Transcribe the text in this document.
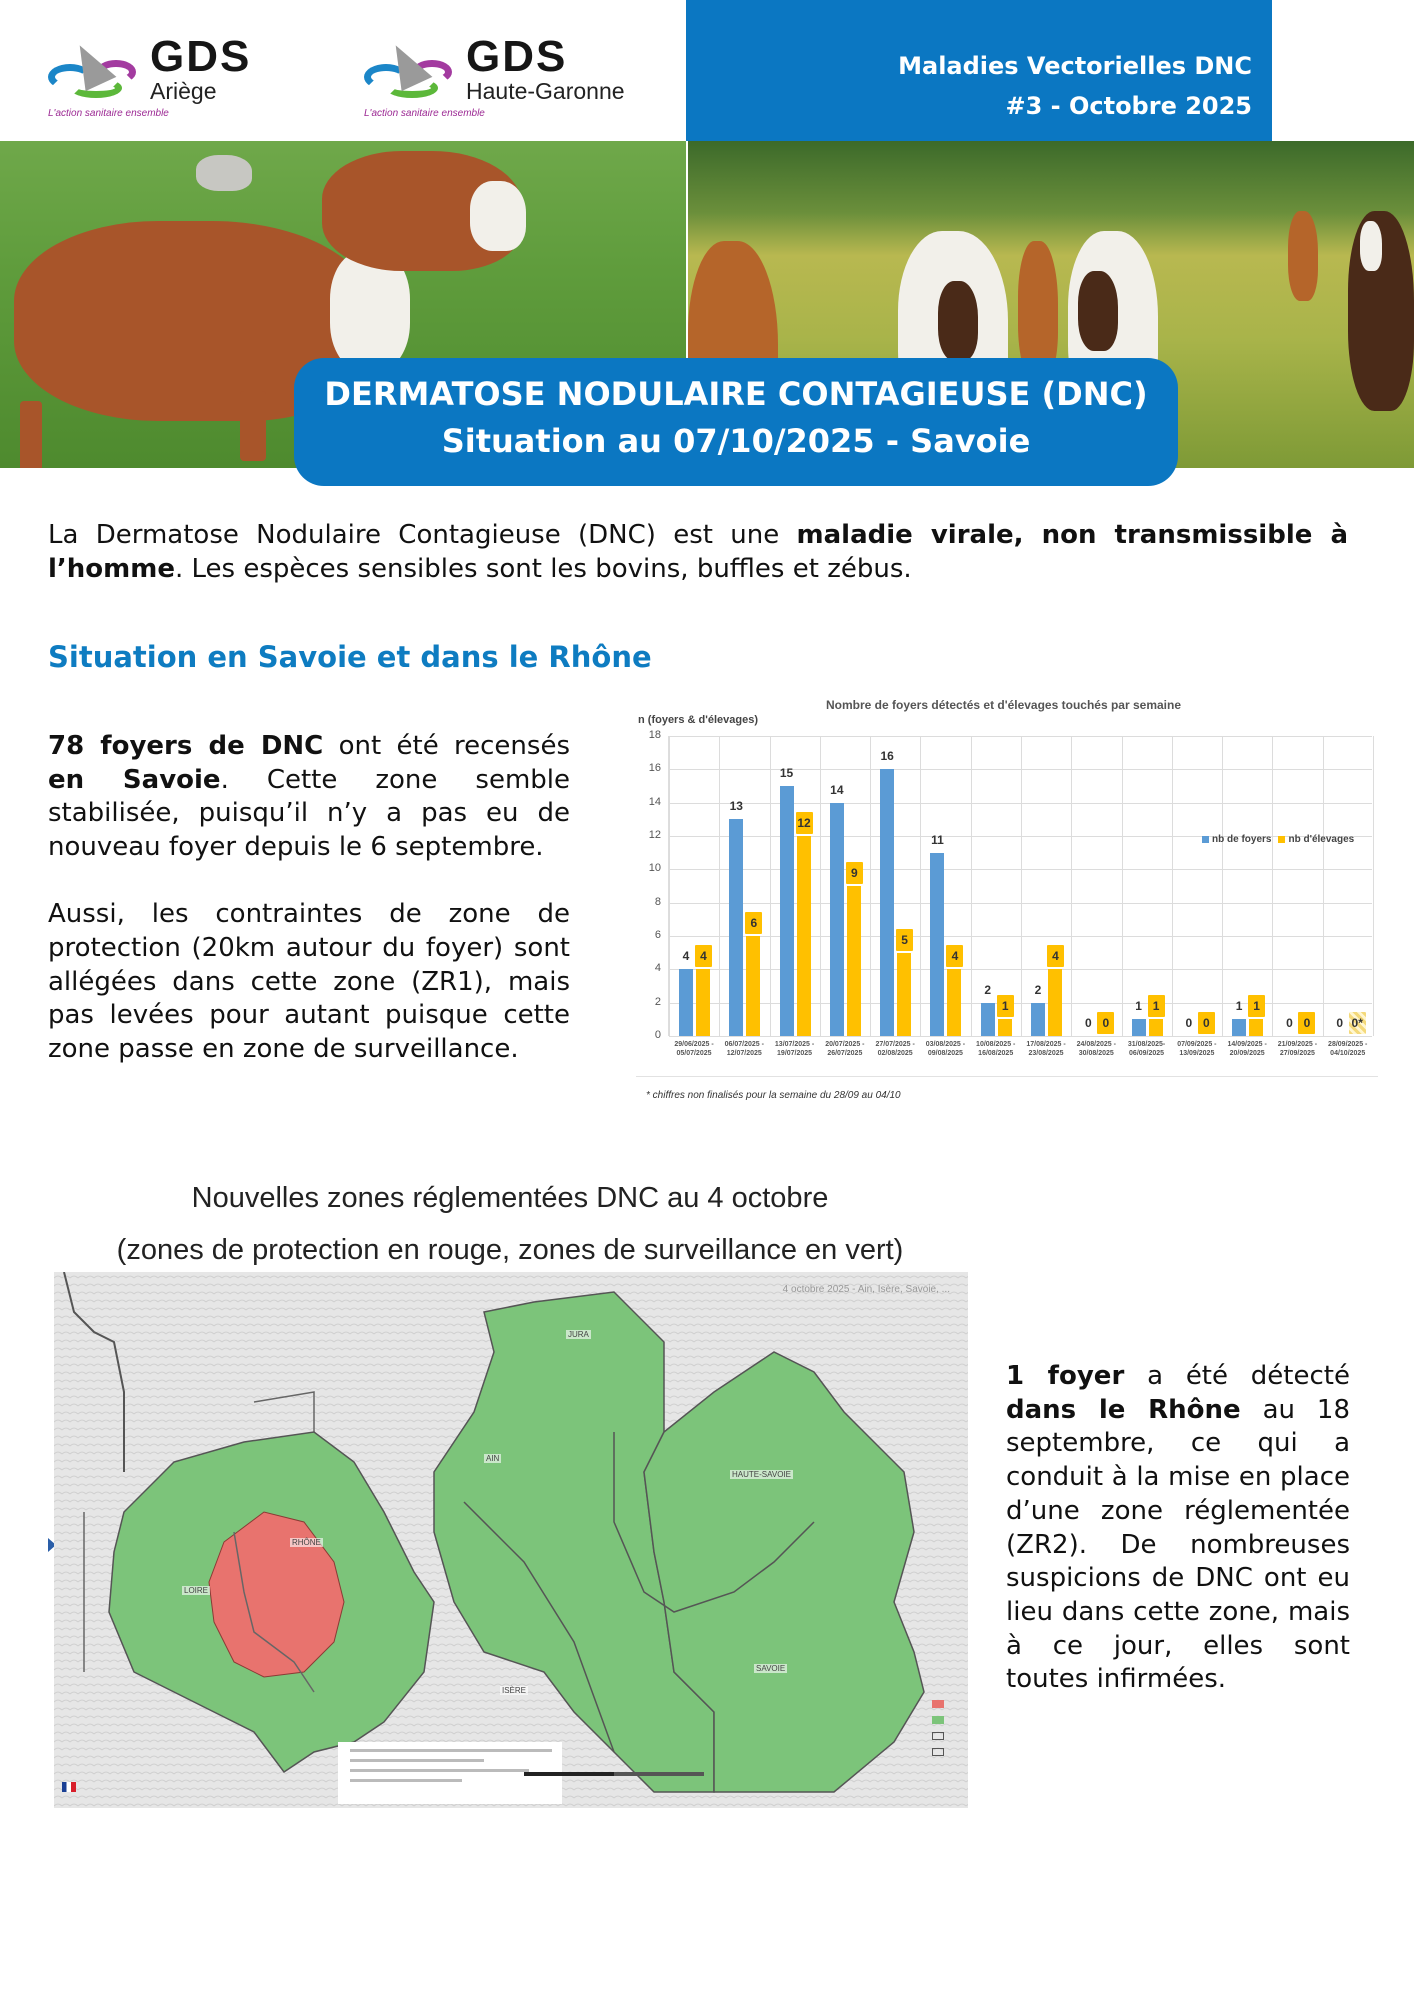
GDS
Ariège
L'action sanitaire ensemble
GDS
Haute-Garonne
L'action sanitaire ensemble
Maladies Vectorielles DNC
#3 - Octobre 2025
DERMATOSE NODULAIRE CONTAGIEUSE (DNC)
Situation au 07/10/2025 - Savoie

La Dermatose Nodulaire Contagieuse (DNC) est une maladie virale, non transmissible à l’homme. Les espèces sensibles sont les bovins, buffles et zébus.

Situation en Savoie et dans le Rhône

78 foyers de DNC ont été recensés en Savoie. Cette zone semble stabilisée, puisqu’il n’y a pas eu de nouveau foyer depuis le 6 septembre.

Aussi, les contraintes de zone de protection (20km autour du foyer) sont allégées dans cette zone (ZR1), mais pas levées pour autant puisque cette zone passe en zone de surveillance.

Nombre de foyers détectés et d'élevages touchés par semaine
n (foyers & d'élevages)
0
2
4
6
8
10
12
14
16
18
4 4
29/06/2025 - 05/07/2025
13
6
06/07/2025 - 12/07/2025
15
12
13/07/2025 - 19/07/2025
14
9
20/07/2025 - 26/07/2025
16
5
27/07/2025 - 02/08/2025
11
4
03/08/2025 - 09/08/2025
2
1
10/08/2025 - 16/08/2025
2
4
17/08/2025 - 23/08/2025
0 0
24/08/2025 - 30/08/2025
1 1
31/08/2025- 06/09/2025
0 0
07/09/2025 - 13/09/2025
1 1
14/09/2025 - 20/09/2025
0 0
21/09/2025 - 27/09/2025
0 0*
28/09/2025 - 04/10/2025
nb de foyers nb d'élevages
* chiffres non finalisés pour la semaine du 28/09 au 04/10
Nouvelles zones réglementées DNC au 4 octobre
(zones de protection en rouge, zones de surveillance en vert)
4 octobre 2025 - Ain, Isère, Savoie, ...
JURA
AIN
HAUTE-SAVOIE
SAVOIE
LOIRE
RHÔNE
ISÈRE
1 foyer a été détecté dans le Rhône au 18 septembre, ce qui a conduit à la mise en place d’une zone réglementée (ZR2). De nombreuses suspicions de DNC ont eu lieu dans cette zone, mais à ce jour, elles sont toutes infirmées.
